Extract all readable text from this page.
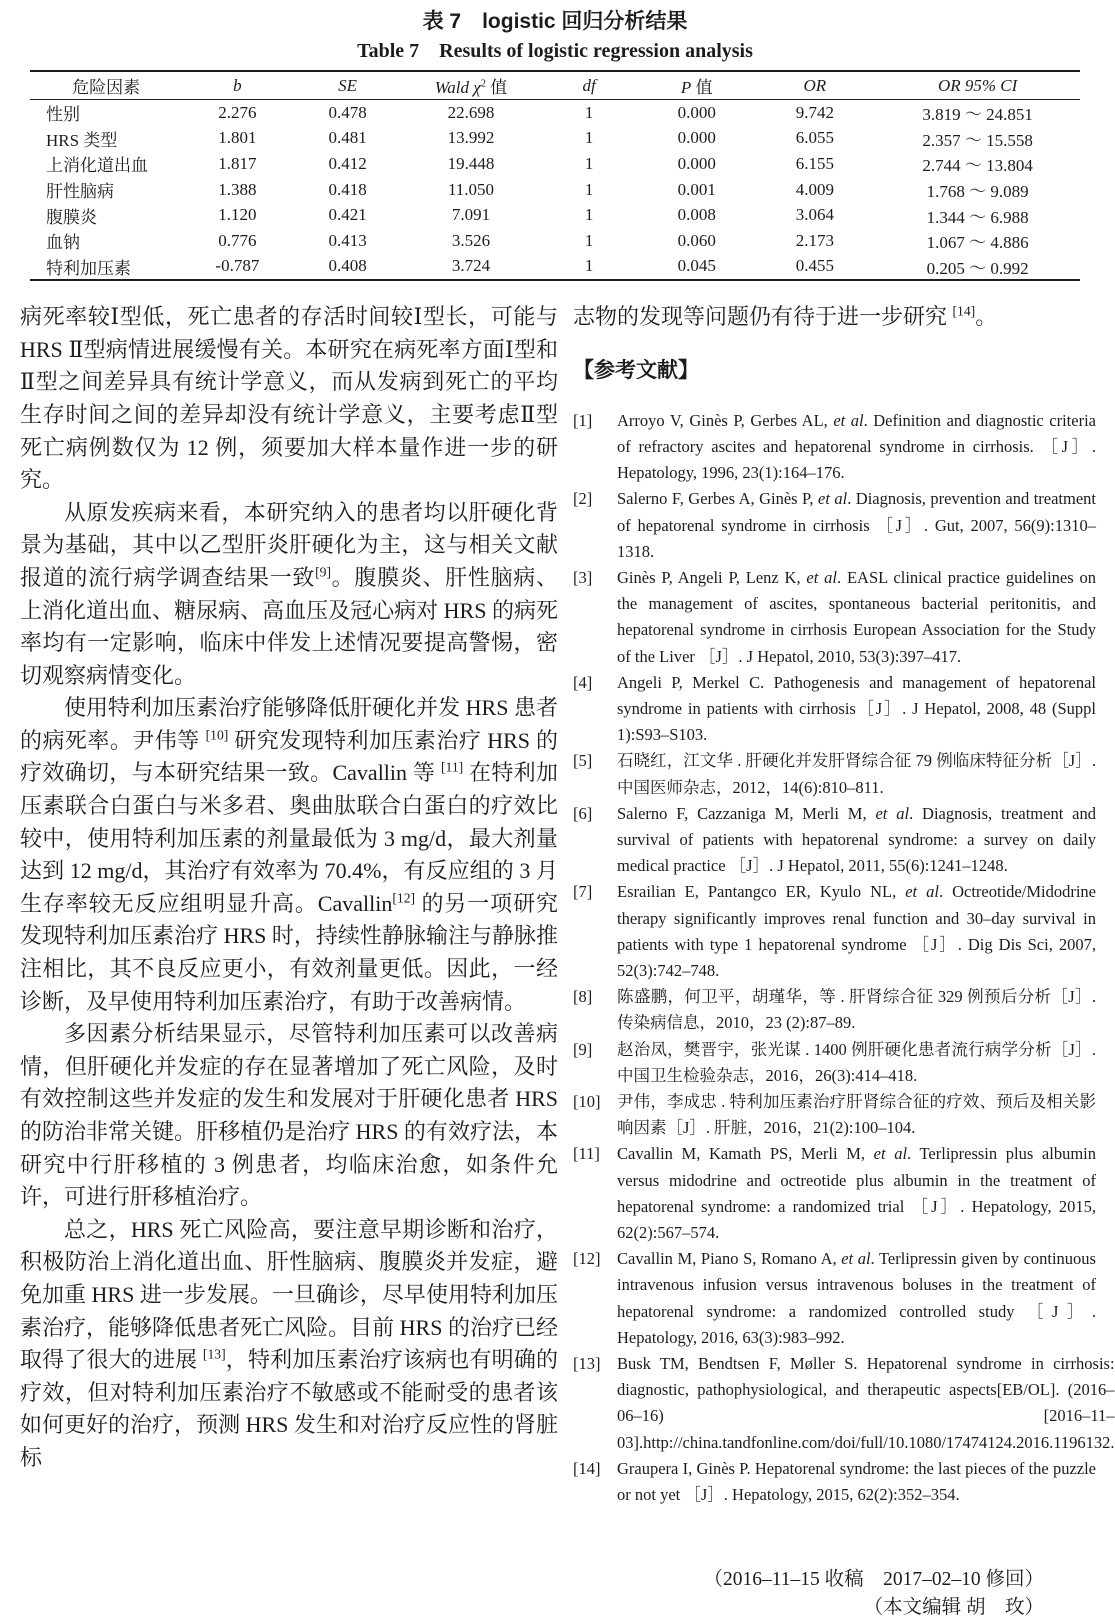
表 7　logistic 回归分析结果
Table 7　Results of logistic regression analysis
危险因素	b	SE	Wald $\chi^2$ 值	df	P 值	OR	OR 95% CI
性别	2.276	0.478	22.698	1	0.000	9.742	3.819 ～ 24.851
HRS 类型	1.801	0.481	13.992	1	0.000	6.055	2.357 ～ 15.558
上消化道出血	1.817	0.412	19.448	1	0.000	6.155	2.744 ～ 13.804
肝性脑病	1.388	0.418	11.050	1	0.001	4.009	1.768 ～ 9.089
腹膜炎	1.120	0.421	7.091	1	0.008	3.064	1.344 ～ 6.988
血钠	0.776	0.413	3.526	1	0.060	2.173	1.067 ～ 4.886
特利加压素	-0.787	0.408	3.724	1	0.045	0.455	0.205 ～ 0.992

病死率较Ⅰ型低，死亡患者的存活时间较Ⅰ型长，可能与 HRS Ⅱ型病情进展缓慢有关。本研究在病死率方面Ⅰ型和Ⅱ型之间差异具有统计学意义，而从发病到死亡的平均生存时间之间的差异却没有统计学意义，主要考虑Ⅱ型死亡病例数仅为 12 例，须要加大样本量作进一步的研究。

从原发疾病来看，本研究纳入的患者均以肝硬化背景为基础，其中以乙型肝炎肝硬化为主，这与相关文献报道的流行病学调查结果一致[9]。腹膜炎、肝性脑病、上消化道出血、糖尿病、高血压及冠心病对 HRS 的病死率均有一定影响，临床中伴发上述情况要提高警惕，密切观察病情变化。

使用特利加压素治疗能够降低肝硬化并发 HRS 患者的病死率。尹伟等 [10] 研究发现特利加压素治疗 HRS 的疗效确切，与本研究结果一致。Cavallin 等 [11] 在特利加压素联合白蛋白与米多君、奥曲肽联合白蛋白的疗效比较中，使用特利加压素的剂量最低为 3 mg/d，最大剂量达到 12 mg/d，其治疗有效率为 70.4%，有反应组的 3 月生存率较无反应组明显升高。Cavallin[12] 的另一项研究发现特利加压素治疗 HRS 时，持续性静脉输注与静脉推注相比，其不良反应更小，有效剂量更低。因此，一经诊断，及早使用特利加压素治疗，有助于改善病情。

多因素分析结果显示，尽管特利加压素可以改善病情，但肝硬化并发症的存在显著增加了死亡风险，及时有效控制这些并发症的发生和发展对于肝硬化患者 HRS 的防治非常关键。肝移植仍是治疗 HRS 的有效疗法，本研究中行肝移植的 3 例患者，均临床治愈，如条件允许，可进行肝移植治疗。

总之，HRS 死亡风险高，要注意早期诊断和治疗，积极防治上消化道出血、肝性脑病、腹膜炎并发症，避免加重 HRS 进一步发展。一旦确诊，尽早使用特利加压素治疗，能够降低患者死亡风险。目前 HRS 的治疗已经取得了很大的进展 [13]，特利加压素治疗该病也有明确的疗效，但对特利加压素治疗不敏感或不能耐受的患者该如何更好的治疗，预测 HRS 发生和对治疗反应性的肾脏标

志物的发现等问题仍有待于进一步研究 [14]。

【参考文献】
[1]	Arroyo V, Ginès P, Gerbes AL, et al. Definition and diagnostic criteria of refractory ascites and hepatorenal syndrome in cirrhosis. ［J］. Hepatology, 1996, 23(1):164–176.
[2]	Salerno F, Gerbes A, Ginès P, et al. Diagnosis, prevention and treatment of hepatorenal syndrome in cirrhosis ［J］. Gut, 2007, 56(9):1310–1318.
[3]	Ginès P, Angeli P, Lenz K, et al. EASL clinical practice guidelines on the management of ascites, spontaneous bacterial peritonitis, and hepatorenal syndrome in cirrhosis European Association for the Study of the Liver ［J］. J Hepatol, 2010, 53(3):397–417.
[4]	Angeli P, Merkel C. Pathogenesis and management of hepatorenal syndrome in patients with cirrhosis［J］. J Hepatol, 2008, 48 (Suppl 1):S93–S103.
[5]	石晓红，江文华 . 肝硬化并发肝肾综合征 79 例临床特征分析［J］. 中国医师杂志，2012，14(6):810–811.
[6]	Salerno F, Cazzaniga M, Merli M, et al. Diagnosis, treatment and survival of patients with hepatorenal syndrome: a survey on daily medical practice ［J］. J Hepatol, 2011, 55(6):1241–1248.
[7]	Esrailian E, Pantangco ER, Kyulo NL, et al. Octreotide/Midodrine therapy significantly improves renal function and 30–day survival in patients with type 1 hepatorenal syndrome ［J］. Dig Dis Sci, 2007, 52(3):742–748.
[8]	陈盛鹏，何卫平，胡瑾华，等 . 肝肾综合征 329 例预后分析［J］. 传染病信息，2010，23 (2):87–89.
[9]	赵治凤，樊晋宇，张光谋 . 1400 例肝硬化患者流行病学分析［J］. 中国卫生检验杂志，2016，26(3):414–418.
[10]	尹伟，李成忠 . 特利加压素治疗肝肾综合征的疗效、预后及相关影响因素［J］. 肝脏，2016，21(2):100–104.
[11]	Cavallin M, Kamath PS, Merli M, et al. Terlipressin plus albumin versus midodrine and octreotide plus albumin in the treatment of hepatorenal syndrome: a randomized trial ［J］. Hepatology, 2015, 62(2):567–574.
[12]	Cavallin M, Piano S, Romano A, et al. Terlipressin given by continuous intravenous infusion versus intravenous boluses in the treatment of hepatorenal syndrome: a randomized controlled study ［J］. Hepatology, 2016, 63(3):983–992.
[13]	Busk TM, Bendtsen F, Møller S. Hepatorenal syndrome in cirrhosis: diagnostic, pathophysiological, and therapeutic aspects[EB/OL]. (2016–06–16) [2016–11–03].http://china.tandfonline.com/doi/full/10.1080/17474124.2016.1196132.
[14]	Graupera I, Ginès P. Hepatorenal syndrome: the last pieces of the puzzle or not yet ［J］. Hepatology, 2015, 62(2):352–354.
（2016–11–15 收稿　2017–02–10 修回）
（本文编辑 胡　玫）
